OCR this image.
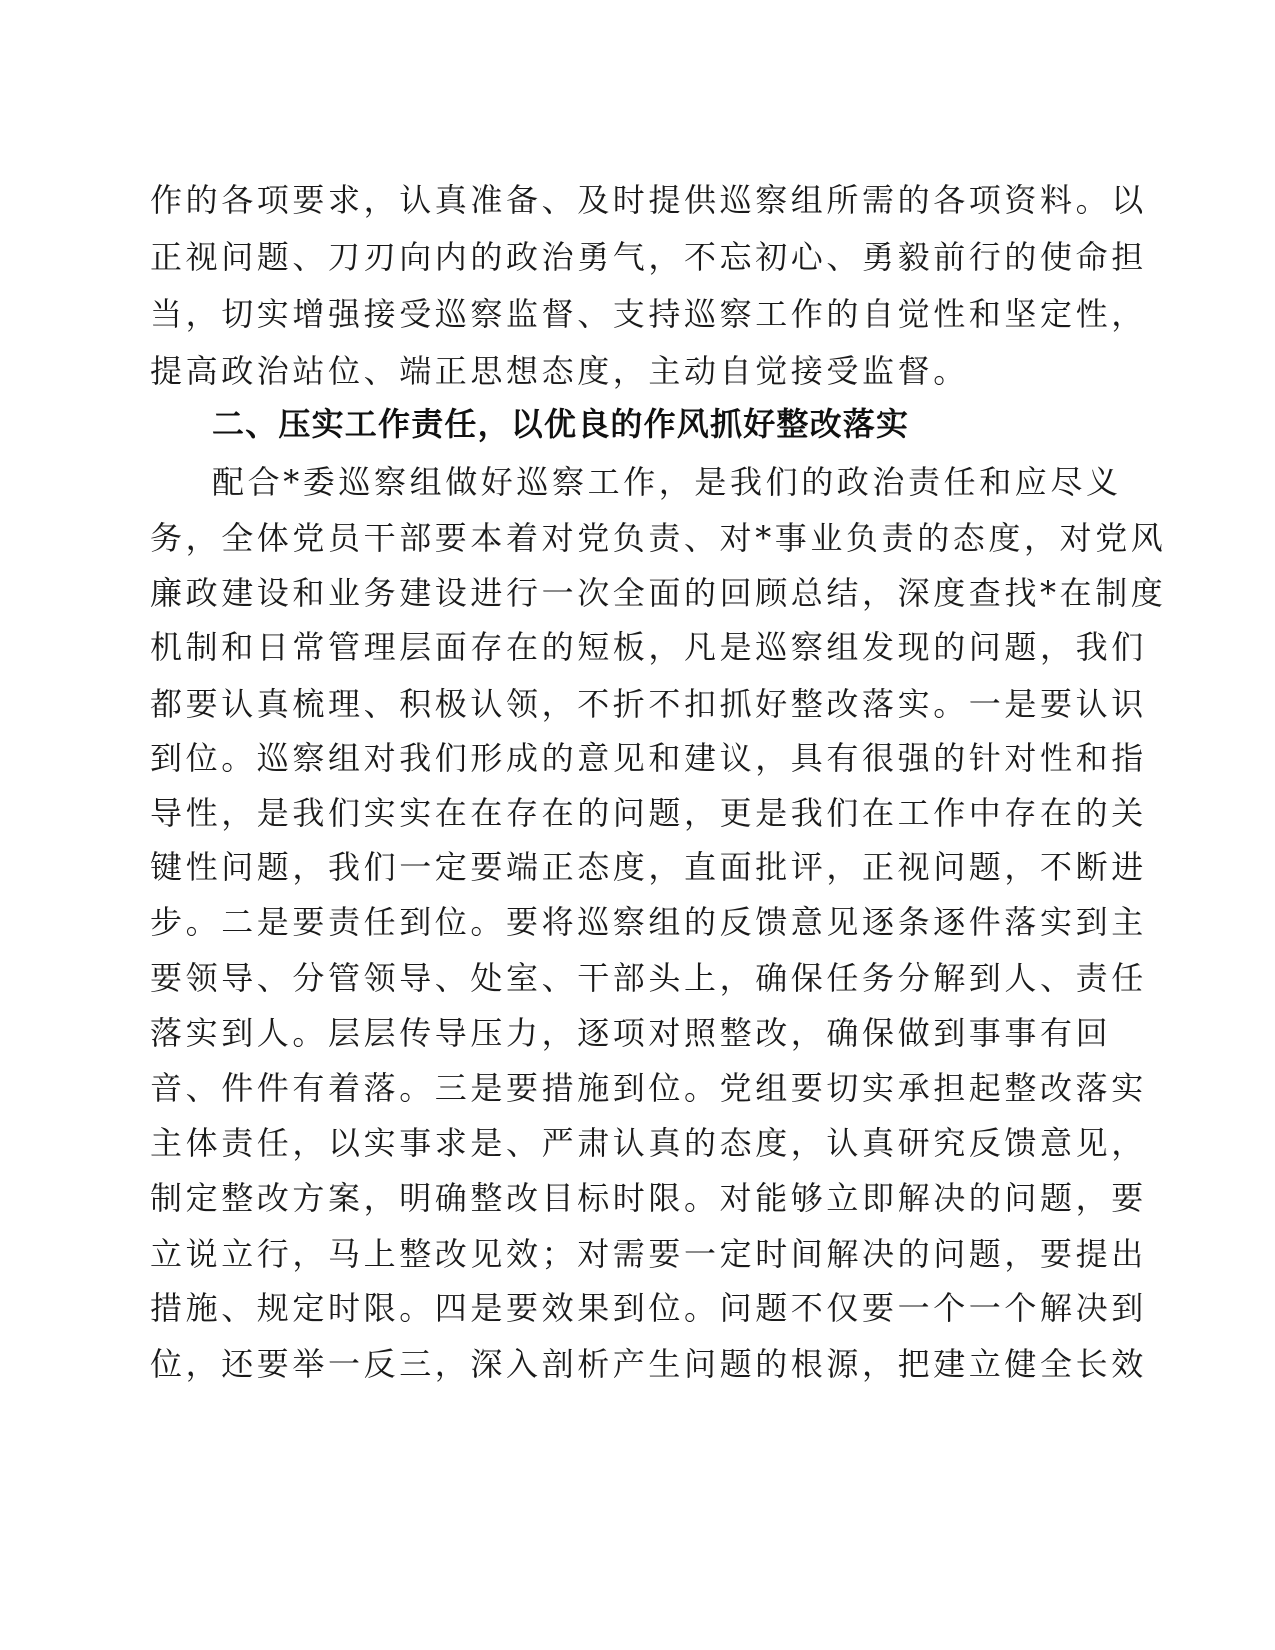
作的各项要求，认真准备、及时提供巡察组所需的各项资料。以
正视问题、刀刃向内的政治勇气，不忘初心、勇毅前行的使命担
当，切实增强接受巡察监督、支持巡察工作的自觉性和坚定性，
提高政治站位、端正思想态度，主动自觉接受监督。
二、压实工作责任，以优良的作风抓好整改落实
配合*委巡察组做好巡察工作，是我们的政治责任和应尽义
务，全体党员干部要本着对党负责、对*事业负责的态度，对党风
廉政建设和业务建设进行一次全面的回顾总结，深度查找*在制度
机制和日常管理层面存在的短板，凡是巡察组发现的问题，我们
都要认真梳理、积极认领，不折不扣抓好整改落实。一是要认识
到位。巡察组对我们形成的意见和建议，具有很强的针对性和指
导性，是我们实实在在存在的问题，更是我们在工作中存在的关
键性问题，我们一定要端正态度，直面批评，正视问题，不断进
步。二是要责任到位。要将巡察组的反馈意见逐条逐件落实到主
要领导、分管领导、处室、干部头上，确保任务分解到人、责任
落实到人。层层传导压力，逐项对照整改，确保做到事事有回
音、件件有着落。三是要措施到位。党组要切实承担起整改落实
主体责任，以实事求是、严肃认真的态度，认真研究反馈意见，
制定整改方案，明确整改目标时限。对能够立即解决的问题，要
立说立行，马上整改见效；对需要一定时间解决的问题，要提出
措施、规定时限。四是要效果到位。问题不仅要一个一个解决到
位，还要举一反三，深入剖析产生问题的根源，把建立健全长效
